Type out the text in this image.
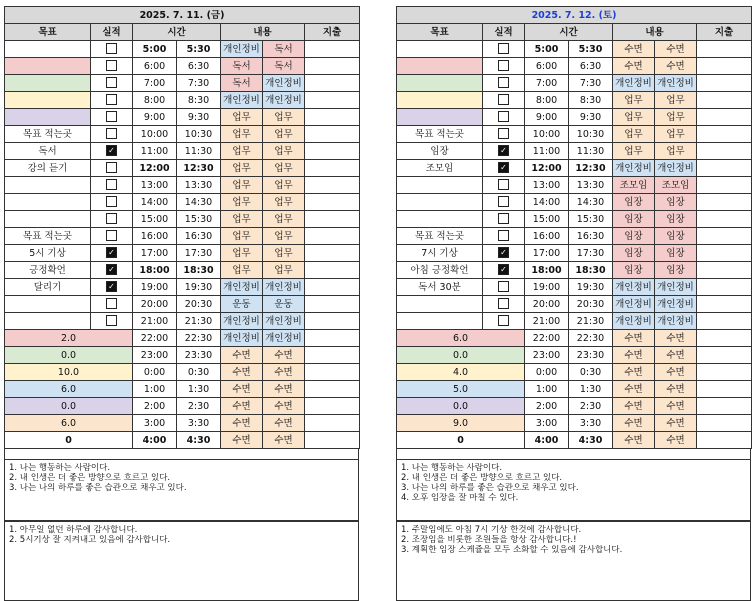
2025. 7. 11. (금)						
목표	실적	시간		내용		지출
		5:00	5:30	개인정비	독서	
		6:00	6:30	독서	독서	
		7:00	7:30	독서	개인정비	
		8:00	8:30	개인정비	개인정비	
		9:00	9:30	업무	업무	
목표 적는곳		10:00	10:30	업무	업무	
독서	✓	11:00	11:30	업무	업무	
강의 듣기		12:00	12:30	업무	업무	
		13:00	13:30	업무	업무	
		14:00	14:30	업무	업무	
		15:00	15:30	업무	업무	
목표 적는곳		16:00	16:30	업무	업무	
5시 기상	✓	17:00	17:30	업무	업무	
긍정확언	✓	18:00	18:30	업무	업무	
달리기	✓	19:00	19:30	개인정비	개인정비	
		20:00	20:30	운동	운동	
		21:00	21:30	개인정비	개인정비	
2.0		22:00	22:30	개인정비	개인정비	
0.0		23:00	23:30	수면	수면	
10.0		0:00	0:30	수면	수면	
6.0		1:00	1:30	수면	수면	
0.0		2:00	2:30	수면	수면	
6.0		3:00	3:30	수면	수면	
0		4:00	4:30	수면	수면	
1. 나는 행동하는 사람이다.
2. 내 인생은 더 좋은 방향으로 흐르고 있다.
3. 나는 나의 하루를 좋은 습관으로 채우고 있다.
1. 아무일 없던 하루에 감사합니다.
2. 5시기상 잘 지켜내고 있음에 감사합니다.
2025. 7. 12. (토)						
목표	실적	시간		내용		지출
		5:00	5:30	수면	수면	
		6:00	6:30	수면	수면	
		7:00	7:30	개인정비	개인정비	
		8:00	8:30	업무	업무	
		9:00	9:30	업무	업무	
목표 적는곳		10:00	10:30	업무	업무	
임장	✓	11:00	11:30	업무	업무	
조모임	✓	12:00	12:30	개인정비	개인정비	
		13:00	13:30	조모임	조모임	
		14:00	14:30	임장	임장	
		15:00	15:30	임장	임장	
목표 적는곳		16:00	16:30	임장	임장	
7시 기상	✓	17:00	17:30	임장	임장	
아침 긍정확언	✓	18:00	18:30	임장	임장	
독서 30분		19:00	19:30	개인정비	개인정비	
		20:00	20:30	개인정비	개인정비	
		21:00	21:30	개인정비	개인정비	
6.0		22:00	22:30	수면	수면	
0.0		23:00	23:30	수면	수면	
4.0		0:00	0:30	수면	수면	
5.0		1:00	1:30	수면	수면	
0.0		2:00	2:30	수면	수면	
9.0		3:00	3:30	수면	수면	
0		4:00	4:30	수면	수면	
1. 나는 행동하는 사람이다.
2. 내 인생은 더 좋은 방향으로 흐르고 있다.
3. 나는 나의 하루를 좋은 습관으로 채우고 있다.
4. 오후 임장을 잘 마칠 수 있다.
1. 주말임에도 아침 7시 기상 한것에 감사합니다.
2. 조장임을 비롯한 조원들을 항상 감사합니다.!
3. 계획한 임장 스케쥴을 모두 소화할 수 있음에 감사합니다.
